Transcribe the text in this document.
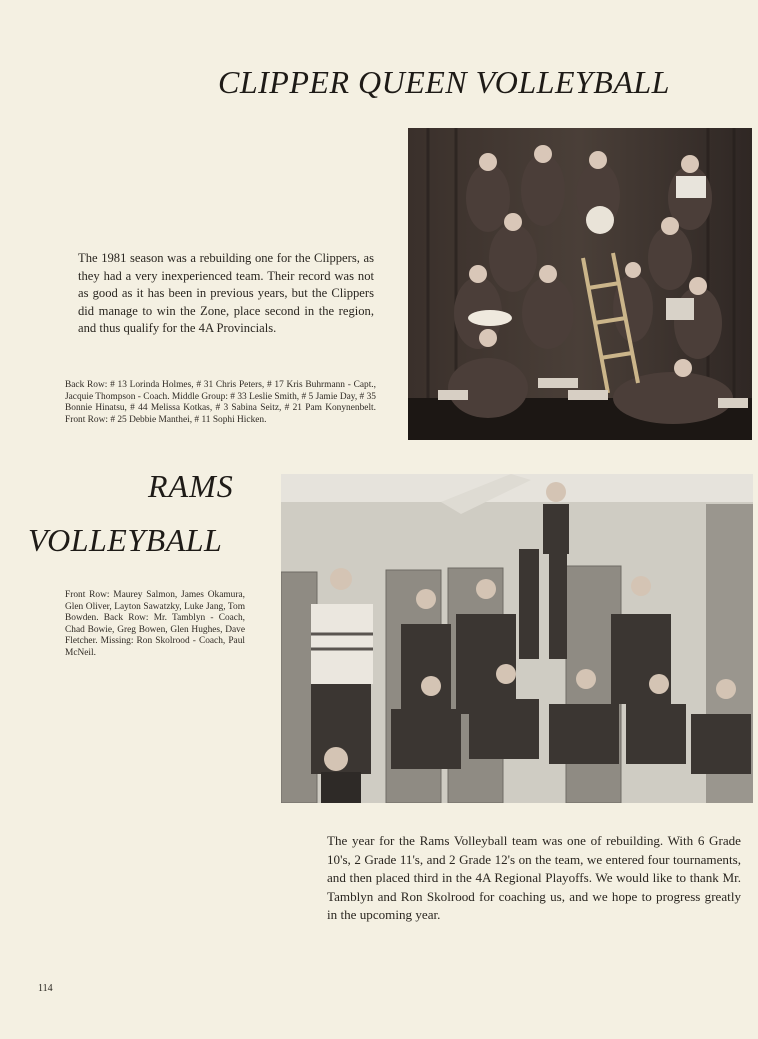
CLIPPER QUEEN VOLLEYBALL

The 1981 season was a rebuilding one for the Clippers, as they had a very inexperienced team. Their record was not as good as it has been in previous years, but the Clippers did manage to win the Zone, place second in the region, and thus qualify for the 4A Provincials.

Back Row: # 13 Lorinda Holmes, # 31 Chris Peters, # 17 Kris Buhrmann - Capt., Jacquie Thompson - Coach. Middle Group: # 33 Leslie Smith, # 5 Jamie Day, # 35 Bonnie Hinatsu, # 44 Melissa Kotkas, # 3 Sabina Seitz, # 21 Pam Konynenbelt. Front Row: # 25 Debbie Manthei, # 11 Sophi Hicken.

RAMS
VOLLEYBALL

Front Row: Maurey Salmon, James Okamura, Glen Oliver, Layton Sawatzky, Luke Jang, Tom Bowden. Back Row: Mr. Tamblyn - Coach, Chad Bowie, Greg Bowen, Glen Hughes, Dave Fletcher. Missing: Ron Skolrood - Coach, Paul McNeil.

The year for the Rams Volleyball team was one of rebuilding. With 6 Grade 10's, 2 Grade 11's, and 2 Grade 12's on the team, we entered four tournaments, and then placed third in the 4A Regional Playoffs. We would like to thank Mr. Tamblyn and Ron Skolrood for coaching us, and we hope to progress greatly in the upcoming year.

114
